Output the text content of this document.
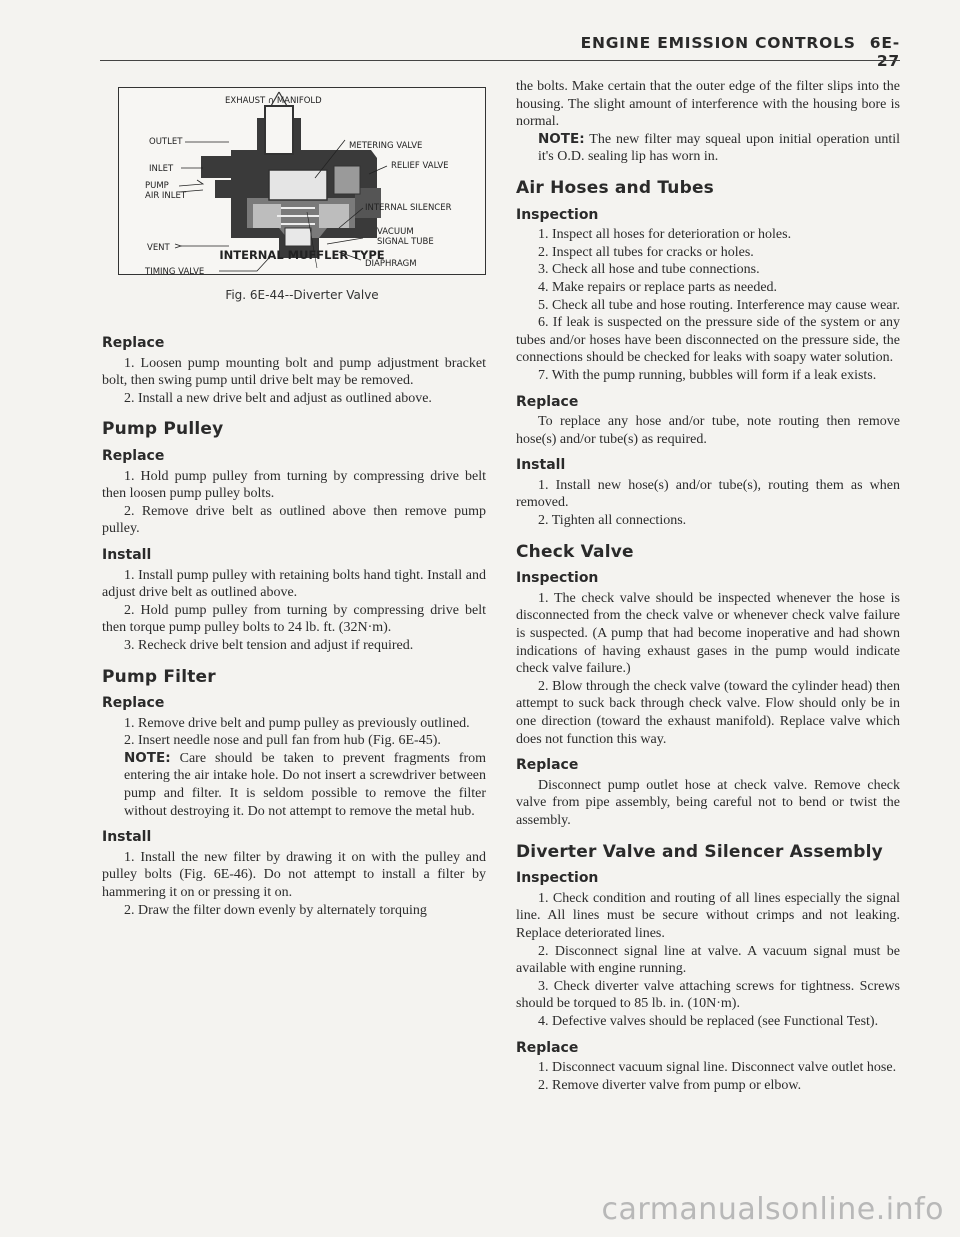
ENGINE EMISSION CONTROLS 6E-27
EXHAUST ∩ MANIFOLD
OUTLET	METERING VALVE
INLET	RELIEF VALVE
PUMP
AIR INLET
INTERNAL SILENCER
VACUUM
SIGNAL TUBE
VENT
DIAPHRAGM
TIMING VALVE
INTERNAL MUFFLER TYPE
Fig. 6E-44--Diverter Valve
Replace

1. Loosen pump mounting bolt and pump adjustment bracket bolt, then swing pump until drive belt may be removed.

2. Install a new drive belt and adjust as outlined above.

Pump Pulley
Replace

1. Hold pump pulley from turning by compressing drive belt then loosen pump pulley bolts.

2. Remove drive belt as outlined above then remove pump pulley.

Install

1. Install pump pulley with retaining bolts hand tight. Install and adjust drive belt as outlined above.

2. Hold pump pulley from turning by compressing drive belt then torque pump pulley bolts to 24 lb. ft. (32N·m).

3. Recheck drive belt tension and adjust if required.

Pump Filter
Replace

1. Remove drive belt and pump pulley as previously outlined.

2. Insert needle nose and pull fan from hub (Fig. 6E-45).

NOTE: Care should be taken to prevent fragments from entering the air intake hole. Do not insert a screwdriver between pump and filter. It is seldom possible to remove the filter without destroying it. Do not attempt to remove the metal hub.

Install

1. Install the new filter by drawing it on with the pulley and pulley bolts (Fig. 6E-46). Do not attempt to install a filter by hammering it on or pressing it on.

2. Draw the filter down evenly by alternately torquing

the bolts. Make certain that the outer edge of the filter slips into the housing. The slight amount of interference with the housing bore is normal.

NOTE: The new filter may squeal upon initial operation until it's O.D. sealing lip has worn in.

Air Hoses and Tubes
Inspection

1. Inspect all hoses for deterioration or holes.

2. Inspect all tubes for cracks or holes.

3. Check all hose and tube connections.

4. Make repairs or replace parts as needed.

5. Check all tube and hose routing. Interference may cause wear.

6. If leak is suspected on the pressure side of the system or any tubes and/or hoses have been disconnected on the pressure side, the connections should be checked for leaks with soapy water solution.

7. With the pump running, bubbles will form if a leak exists.

Replace

To replace any hose and/or tube, note routing then remove hose(s) and/or tube(s) as required.

Install

1. Install new hose(s) and/or tube(s), routing them as when removed.

2. Tighten all connections.

Check Valve
Inspection

1. The check valve should be inspected whenever the hose is disconnected from the check valve or whenever check valve failure is suspected. (A pump that had become inoperative and had shown indications of having exhaust gases in the pump would indicate check valve failure.)

2. Blow through the check valve (toward the cylinder head) then attempt to suck back through check valve. Flow should only be in one direction (toward the exhaust manifold). Replace valve which does not function this way.

Replace

Disconnect pump outlet hose at check valve. Remove check valve from pipe assembly, being careful not to bend or twist the assembly.

Diverter Valve and Silencer Assembly
Inspection

1. Check condition and routing of all lines especially the signal line. All lines must be secure without crimps and not leaking. Replace deteriorated lines.

2. Disconnect signal line at valve. A vacuum signal must be available with engine running.

3. Check diverter valve attaching screws for tightness. Screws should be torqued to 85 lb. in. (10N·m).

4. Defective valves should be replaced (see Functional Test).

Replace

1. Disconnect vacuum signal line. Disconnect valve outlet hose.

2. Remove diverter valve from pump or elbow.

carmanualsonline.info
